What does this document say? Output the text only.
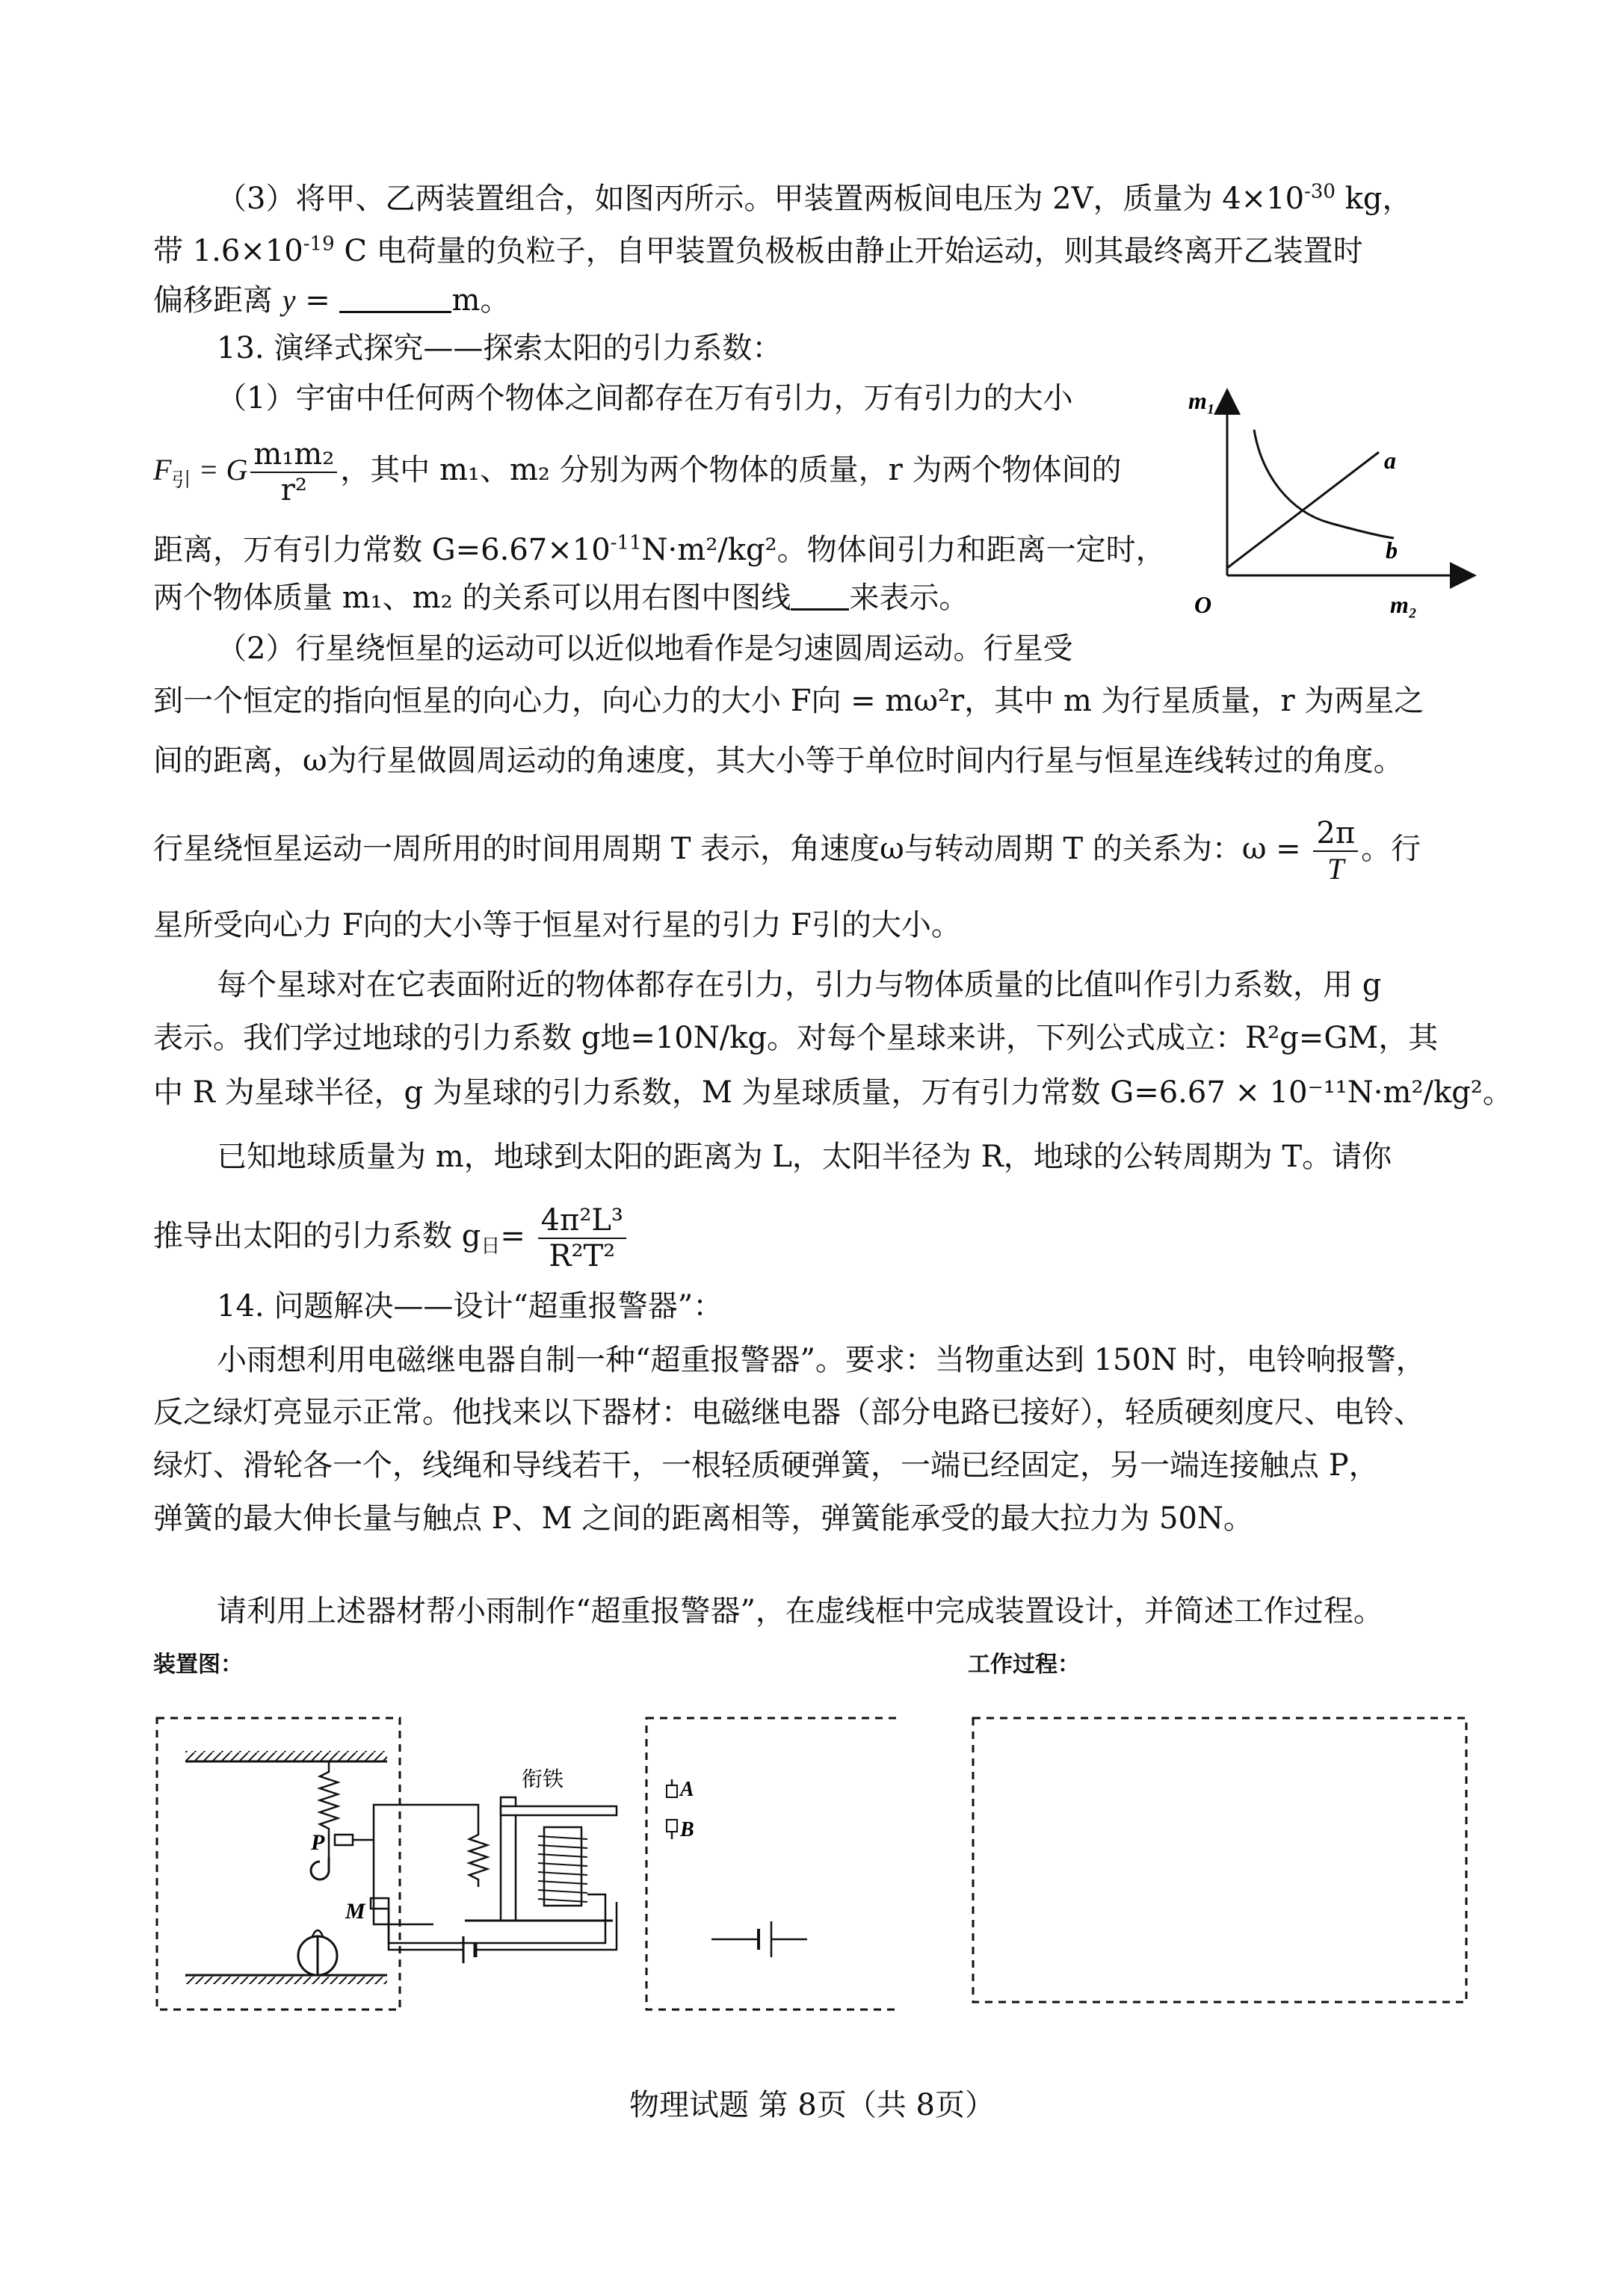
（3）将甲、乙两装置组合，如图丙所示。甲装置两板间电压为 2V，质量为 $4\times 10^{-30}$ kg，
带 $1.6\times 10^{-19}$ C 电荷量的负粒子，自甲装置负极板由静止开始运动，则其最终离开乙装置时
偏移距离 y =	m。
13. 演绎式探究——探索太阳的引力系数：
（1）宇宙中任何两个物体之间都存在万有引力，万有引力的大小
$F_引 = G \frac{\text{m₁m₂}}{\text{r²}}$ ，其中 m₁、m₂ 分别为两个物体的质量，r 为两个物体间的
距离，万有引力常数 $G=6.67\times 10^{-11}N\cdot m^2$/kg²。物体间引力和距离一定时，
两个物体质量 m₁、m₂ 的关系可以用右图中图线 来表示。
m₁
a
b
O	m₂
（2）行星绕恒星的运动可以近似地看作是匀速圆周运动。行星受
到一个恒定的指向恒星的向心力，向心力的大小 F向 = mω²r，其中 m 为行星质量，r 为两星之
间的距离，ω为行星做圆周运动的角速度，其大小等于单位时间内行星与恒星连线转过的角度。
行星绕恒星运动一周所用的时间用周期 T 表示，角速度ω与转动周期 T 的关系为：$\omega = \frac{2\pi}{T}$ 。行
星所受向心力 F向的大小等于恒星对行星的引力 F引的大小。
每个星球对在它表面附近的物体都存在引力，引力与物体质量的比值叫作引力系数，用 g
表示。我们学过地球的引力系数 g地=10N/kg。对每个星球来讲，下列公式成立：R²g=GM，其
中 R 为星球半径，g 为星球的引力系数，M 为星球质量，万有引力常数 G=6.67 × 10⁻¹¹N·m²/kg²。
已知地球质量为 m，地球到太阳的距离为 L，太阳半径为 R，地球的公转周期为 T。请你
推导出太阳的引力系数 $g_日= \frac{\text{4π²L³}}{\text{R²T²}}$
14. 问题解决——设计“超重报警器”：
小雨想利用电磁继电器自制一种“超重报警器”。要求：当物重达到 150N 时，电铃响报警，
反之绿灯亮显示正常。他找来以下器材：电磁继电器（部分电路已接好），轻质硬刻度尺、电铃、
绿灯、滑轮各一个，线绳和导线若干，一根轻质硬弹簧，一端已经固定，另一端连接触点 P，
弹簧的最大伸长量与触点 P、M 之间的距离相等，弹簧能承受的最大拉力为 50N。
请利用上述器材帮小雨制作“超重报警器”，在虚线框中完成装置设计，并简述工作过程。
装置图：	工作过程：
P
M
衔铁	A
B
物理试题 第 8页（共 8页）
